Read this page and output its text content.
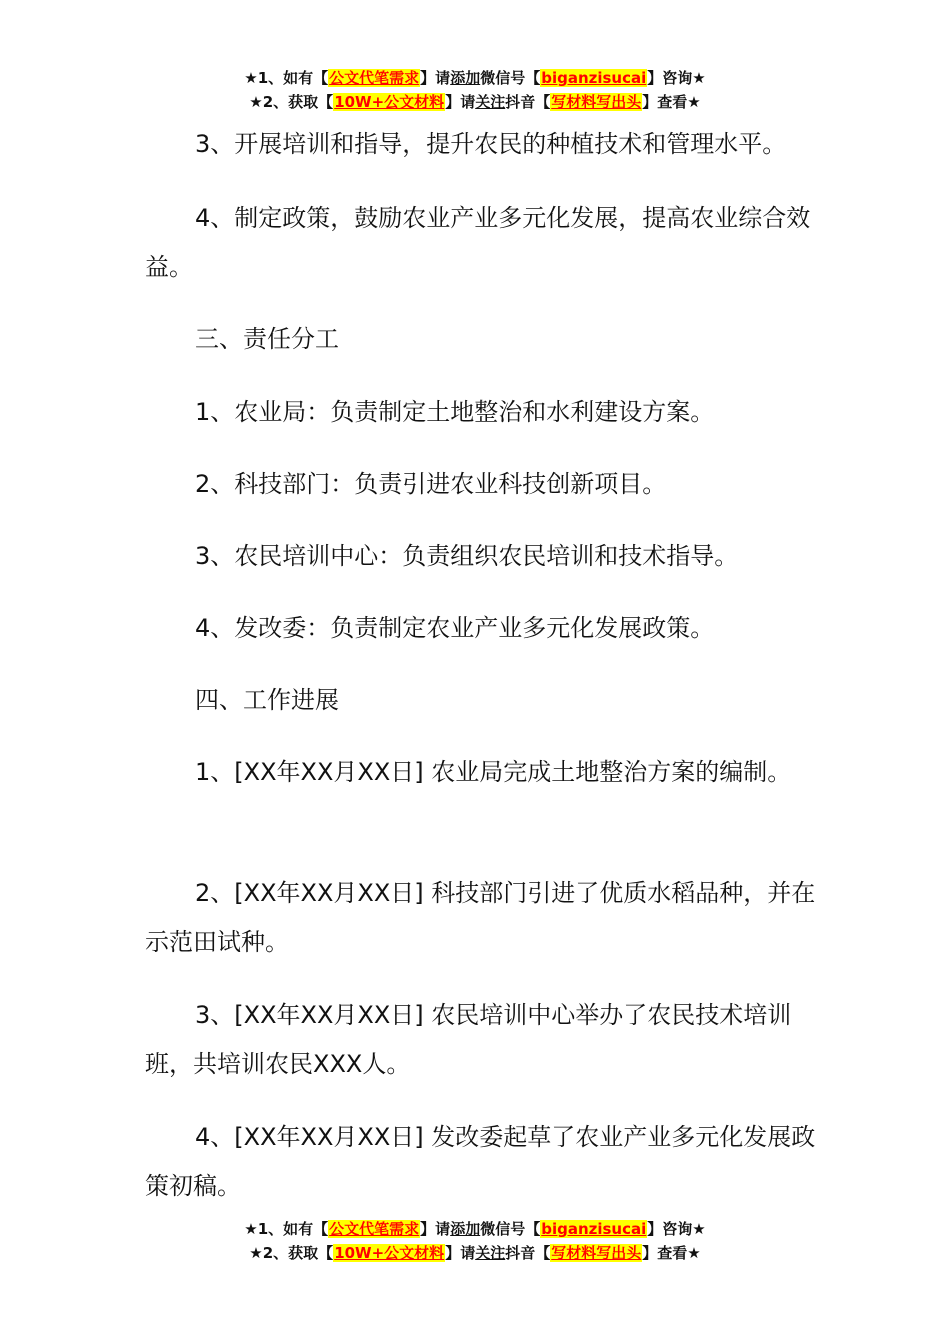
★1、如有【公文代笔需求】请添加微信号【biganzisucai】咨询★
★2、获取【10W+公文材料】请关注抖音【写材料写出头】查看★

3、开展培训和指导，提升农民的种植技术和管理水平。

4、制定政策，鼓励农业产业多元化发展，提高农业综合效益。

三、责任分工

1、农业局：负责制定土地整治和水利建设方案。

2、科技部门：负责引进农业科技创新项目。

3、农民培训中心：负责组织农民培训和技术指导。

4、发改委：负责制定农业产业多元化发展政策。

四、工作进展

1、[XX年XX月XX日] 农业局完成土地整治方案的编制。

2、[XX年XX月XX日] 科技部门引进了优质水稻品种，并在示范田试种。

3、[XX年XX月XX日] 农民培训中心举办了农民技术培训班，共培训农民XXX人。

4、[XX年XX月XX日] 发改委起草了农业产业多元化发展政策初稿。

★1、如有【公文代笔需求】请添加微信号【biganzisucai】咨询★
★2、获取【10W+公文材料】请关注抖音【写材料写出头】查看★
